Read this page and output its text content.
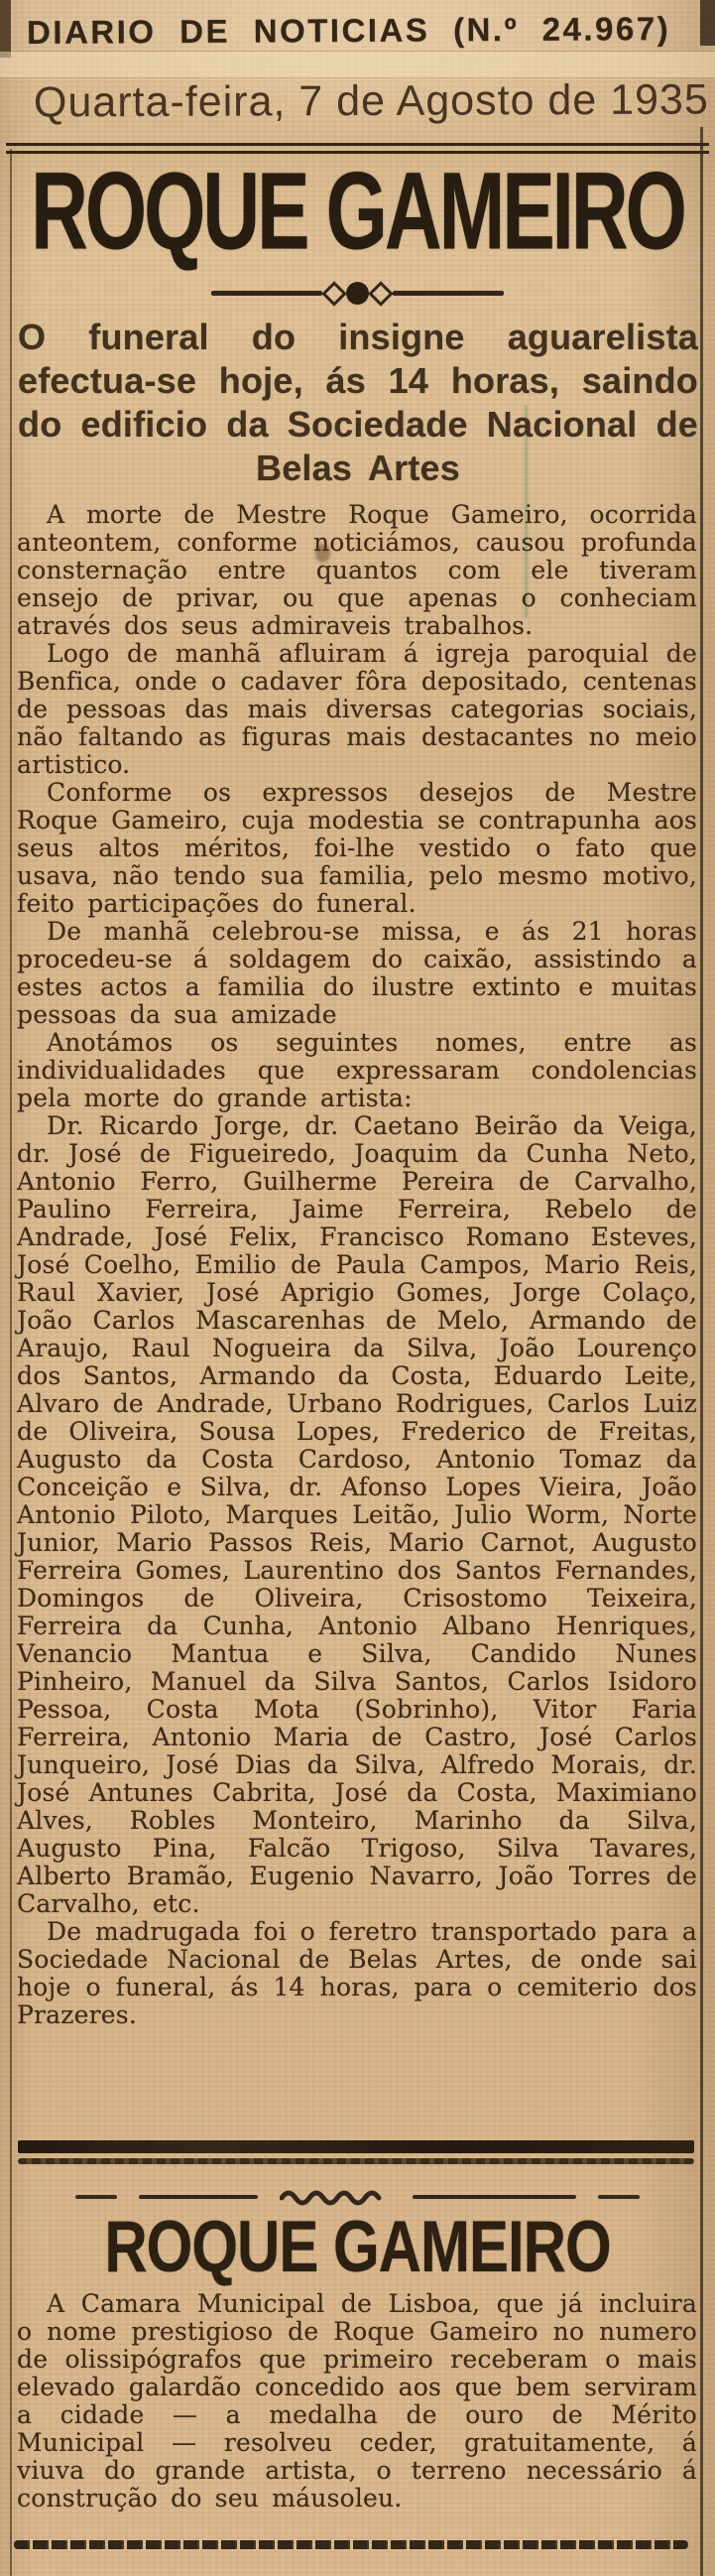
DIARIO DE NOTICIAS (N.º 24.967)
Quarta-feira, 7 de Agosto de 1935
ROQUE GAMEIRO
O funeral do insigne aguarelista efectua-se hoje, ás 14 horas, saindo do edificio da Sociedade Nacional de Belas Artes

A morte de Mestre Roque Gameiro, ocorrida anteontem, conforme noticiámos, causou profunda consternação entre quantos com ele tiveram ensejo de privar, ou que apenas o conheciam através dos seus admiraveis trabalhos.

Logo de manhã afluiram á igreja paroquial de Benfica, onde o cadaver fôra depositado, centenas de pessoas das mais diversas categorias sociais, não faltando as figuras mais destacantes no meio artistico.

Conforme os expressos desejos de Mestre Roque Gameiro, cuja modestia se contrapunha aos seus altos méritos, foi-lhe vestido o fato que usava, não tendo sua familia, pelo mesmo motivo, feito participações do funeral.

De manhã celebrou-se missa, e ás 21 horas procedeu-se á soldagem do caixão, assistindo a estes actos a familia do ilustre extinto e muitas pessoas da sua amizade

Anotámos os seguintes nomes, entre as individualidades que expressaram condolencias pela morte do grande artista:

Dr. Ricardo Jorge, dr. Caetano Beirão da Veiga, dr. José de Figueiredo, Joaquim da Cunha Neto, Antonio Ferro, Guilherme Pereira de Carvalho, Paulino Ferreira, Jaime Ferreira, Rebelo de Andrade, José Felix, Francisco Romano Esteves, José Coelho, Emilio de Paula Campos, Mario Reis, Raul Xavier, José Aprigio Gomes, Jorge Colaço, João Carlos Mascarenhas de Melo, Armando de Araujo, Raul Nogueira da Silva, João Lourenço dos Santos, Armando da Costa, Eduardo Leite, Alvaro de Andrade, Urbano Rodrigues, Carlos Luiz de Oliveira, Sousa Lopes, Frederico de Freitas, Augusto da Costa Cardoso, Antonio Tomaz da Conceição e Silva, dr. Afonso Lopes Vieira, João Antonio Piloto, Marques Leitão, Julio Worm, Norte Junior, Mario Passos Reis, Mario Carnot, Augusto Ferreira Gomes, Laurentino dos Santos Fernandes, Domingos de Oliveira, Crisostomo Teixeira, Ferreira da Cunha, Antonio Albano Henriques, Venancio Mantua e Silva, Candido Nunes Pinheiro, Manuel da Silva Santos, Carlos Isidoro Pessoa, Costa Mota (Sobrinho), Vitor Faria Ferreira, Antonio Maria de Castro, José Carlos Junqueiro, José Dias da Silva, Alfredo Morais, dr. José Antunes Cabrita, José da Costa, Maximiano Alves, Robles Monteiro, Marinho da Silva, Augusto Pina, Falcão Trigoso, Silva Tavares, Alberto Bramão, Eugenio Navarro, João Torres de Carvalho, etc.

De madrugada foi o feretro transportado para a Sociedade Nacional de Belas Artes, de onde sai hoje o funeral, ás 14 horas, para o cemiterio dos Prazeres.

ROQUE GAMEIRO

A Camara Municipal de Lisboa, que já incluira o nome prestigioso de Roque Gameiro no numero de olissipógrafos que primeiro receberam o mais elevado galardão concedido aos que bem serviram a cidade — a medalha de ouro de Mérito Municipal — resolveu ceder, gratuitamente, á viuva do grande artista, o terreno necessário á construção do seu máusoleu.
